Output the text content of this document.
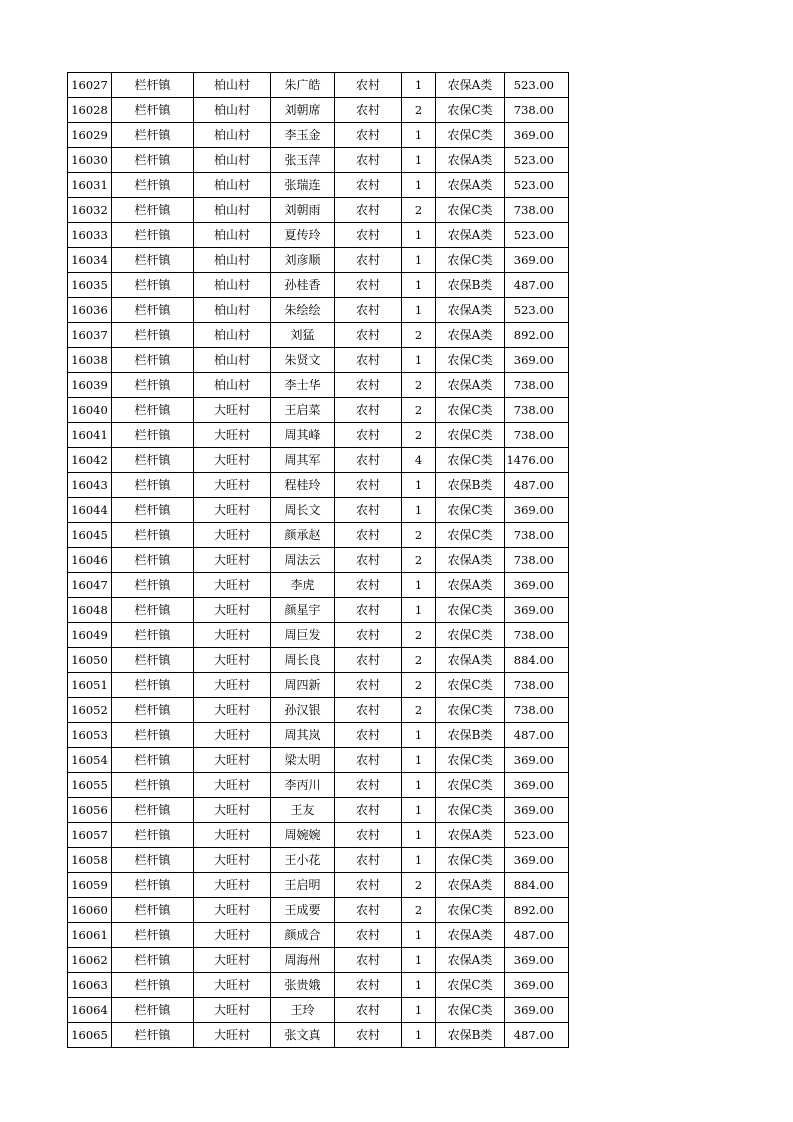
16027	栏杆镇	柏山村	朱广皓	农村	1	农保A类	523.00
16028	栏杆镇	柏山村	刘朝席	农村	2	农保C类	738.00
16029	栏杆镇	柏山村	李玉金	农村	1	农保C类	369.00
16030	栏杆镇	柏山村	张玉萍	农村	1	农保A类	523.00
16031	栏杆镇	柏山村	张瑞连	农村	1	农保A类	523.00
16032	栏杆镇	柏山村	刘朝雨	农村	2	农保C类	738.00
16033	栏杆镇	柏山村	夏传玲	农村	1	农保A类	523.00
16034	栏杆镇	柏山村	刘彦顺	农村	1	农保C类	369.00
16035	栏杆镇	柏山村	孙桂香	农村	1	农保B类	487.00
16036	栏杆镇	柏山村	朱绘绘	农村	1	农保A类	523.00
16037	栏杆镇	柏山村	刘猛	农村	2	农保A类	892.00
16038	栏杆镇	柏山村	朱贤文	农村	1	农保C类	369.00
16039	栏杆镇	柏山村	李士华	农村	2	农保A类	738.00
16040	栏杆镇	大旺村	王启菜	农村	2	农保C类	738.00
16041	栏杆镇	大旺村	周其峰	农村	2	农保C类	738.00
16042	栏杆镇	大旺村	周其军	农村	4	农保C类	1476.00
16043	栏杆镇	大旺村	程桂玲	农村	1	农保B类	487.00
16044	栏杆镇	大旺村	周长文	农村	1	农保C类	369.00
16045	栏杆镇	大旺村	颜承赵	农村	2	农保C类	738.00
16046	栏杆镇	大旺村	周法云	农村	2	农保A类	738.00
16047	栏杆镇	大旺村	李虎	农村	1	农保A类	369.00
16048	栏杆镇	大旺村	颜星宇	农村	1	农保C类	369.00
16049	栏杆镇	大旺村	周巨发	农村	2	农保C类	738.00
16050	栏杆镇	大旺村	周长良	农村	2	农保A类	884.00
16051	栏杆镇	大旺村	周四新	农村	2	农保C类	738.00
16052	栏杆镇	大旺村	孙汉银	农村	2	农保C类	738.00
16053	栏杆镇	大旺村	周其岚	农村	1	农保B类	487.00
16054	栏杆镇	大旺村	梁太明	农村	1	农保C类	369.00
16055	栏杆镇	大旺村	李丙川	农村	1	农保C类	369.00
16056	栏杆镇	大旺村	王友	农村	1	农保C类	369.00
16057	栏杆镇	大旺村	周婉婉	农村	1	农保A类	523.00
16058	栏杆镇	大旺村	王小花	农村	1	农保C类	369.00
16059	栏杆镇	大旺村	王启明	农村	2	农保A类	884.00
16060	栏杆镇	大旺村	王成要	农村	2	农保C类	892.00
16061	栏杆镇	大旺村	颜成合	农村	1	农保A类	487.00
16062	栏杆镇	大旺村	周海州	农村	1	农保A类	369.00
16063	栏杆镇	大旺村	张贵娥	农村	1	农保C类	369.00
16064	栏杆镇	大旺村	王玲	农村	1	农保C类	369.00
16065	栏杆镇	大旺村	张文真	农村	1	农保B类	487.00
